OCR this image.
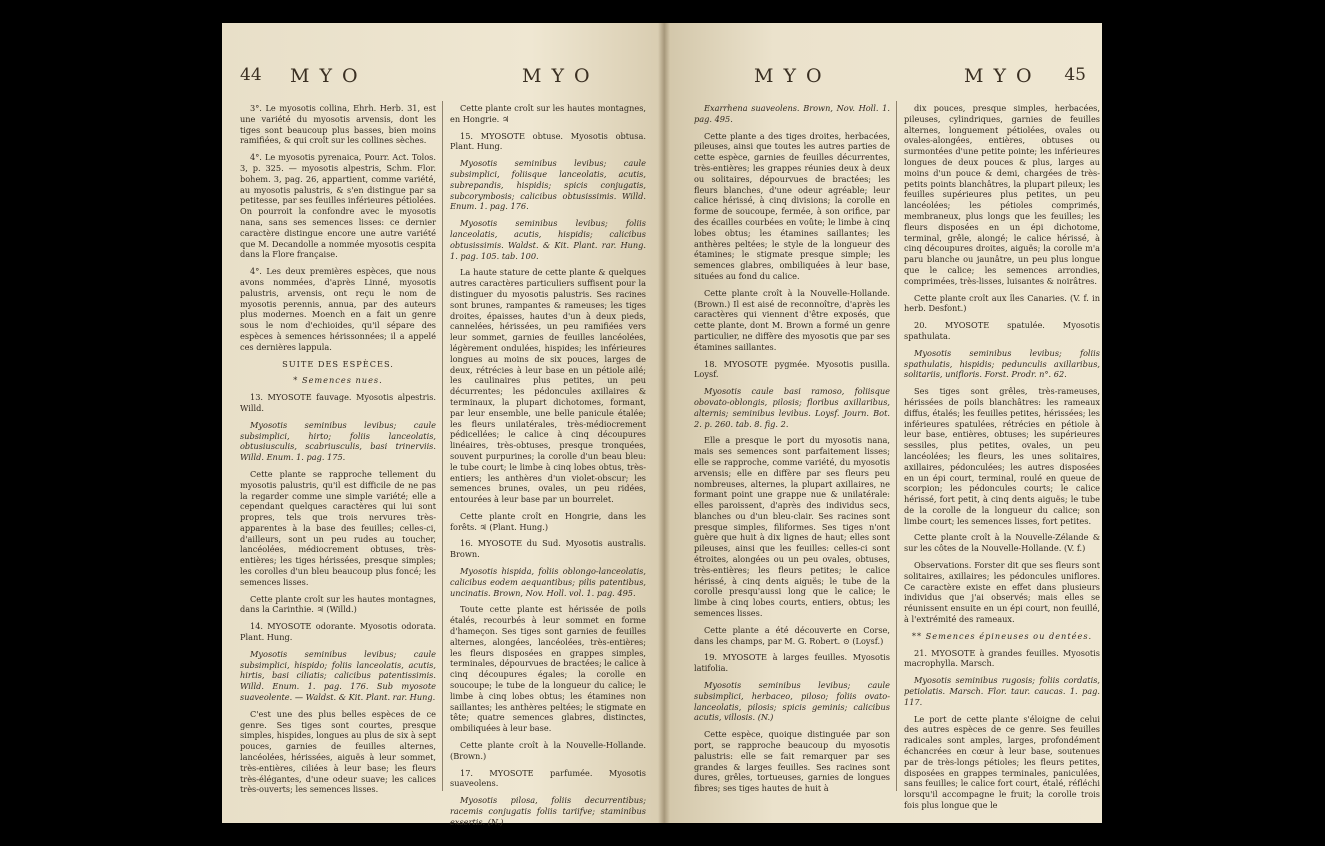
44 MYO	MYO

3°. Le myosotis collina, Ehrh. Herb. 31, est une variété du myosotis arvensis, dont les tiges sont beaucoup plus basses, bien moins ramifiées, & qui croît sur les collines sèches.

4°. Le myosotis pyrenaica, Pourr. Act. Tolos. 3, p. 325. — myosotis alpestris, Schm. Flor. bohem. 3, pag. 26, appartient, comme variété, au myosotis palustris, & s'en distingue par sa petitesse, par ses feuilles inférieures pétiolées. On pourroit la confondre avec le myosotis nana, sans ses semences lisses: ce dernier caractère distingue encore une autre variété que M. Decandolle a nommée myosotis cespita dans la Flore française.

4°. Les deux premières espèces, que nous avons nommées, d'après Linné, myosotis palustris, arvensis, ont reçu le nom de myosotis perennis, annua, par des auteurs plus modernes. Moench en a fait un genre sous le nom d'echioides, qu'il sépare des espèces à semences hérissonnées; il a appelé ces dernières lappula.

SUITE DES ESPÈCES.

* Semences nues.

13. MYOSOTE fauvage. Myosotis alpestris. Willd.

Myosotis seminibus levibus; caule subsimplici, hirto; foliis lanceolatis, obtusiusculis, scabriusculis, basi trinerviis. Willd. Enum. 1. pag. 175.

Cette plante se rapproche tellement du myosotis palustris, qu'il est difficile de ne pas la regarder comme une simple variété; elle a cependant quelques caractères qui lui sont propres, tels que trois nervures très-apparentes à la base des feuilles; celles-ci, d'ailleurs, sont un peu rudes au toucher, lancéolées, médiocrement obtuses, très-entières; les tiges hérissées, presque simples; les corolles d'un bleu beaucoup plus foncé; les semences lisses.

Cette plante croît sur les hautes montagnes, dans la Carinthie. ♃ (Willd.)

14. MYOSOTE odorante. Myosotis odorata. Plant. Hung.

Myosotis seminibus levibus; caule subsimplici, hispido; foliis lanceolatis, acutis, hirtis, basi ciliatis; calicibus patentissimis. Willd. Enum. 1. pag. 176. Sub myosote suaveolente. — Waldst. & Kit. Plant. rar. Hung.

C'est une des plus belles espèces de ce genre. Ses tiges sont courtes, presque simples, hispides, longues au plus de six à sept pouces, garnies de feuilles alternes, lancéolées, hérissées, aiguës à leur sommet, très-entières, ciliées à leur base; les fleurs très-élégantes, d'une odeur suave; les calices très-ouverts; les semences lisses.

Cette plante croît sur les hautes montagnes, en Hongrie. ♃

15. MYOSOTE obtuse. Myosotis obtusa. Plant. Hung.

Myosotis seminibus levibus; caule subsimplici, foliisque lanceolatis, acutis, subrepandis, hispidis; spicis conjugatis, subcorymbosis; calicibus obtusissimis. Willd. Enum. 1. pag. 176.

Myosotis seminibus levibus; foliis lanceolatis, acutis, hispidis; calicibus obtusissimis. Waldst. & Kit. Plant. rar. Hung. 1. pag. 105. tab. 100.

La haute stature de cette plante & quelques autres caractères particuliers suffisent pour la distinguer du myosotis palustris. Ses racines sont brunes, rampantes & rameuses; les tiges droites, épaisses, hautes d'un à deux pieds, cannelées, hérissées, un peu ramifiées vers leur sommet, garnies de feuilles lancéolées, légèrement ondulées, hispides; les inférieures longues au moins de six pouces, larges de deux, rétrécies à leur base en un pétiole ailé; les caulinaires plus petites, un peu décurrentes; les pédoncules axillaires & terminaux, la plupart dichotomes, formant, par leur ensemble, une belle panicule étalée; les fleurs unilatérales, très-médiocrement pédicellées; le calice à cinq découpures linéaires, très-obtuses, presque tronquées, souvent purpurines; la corolle d'un beau bleu: le tube court; le limbe à cinq lobes obtus, très-entiers; les anthères d'un violet-obscur; les semences brunes, ovales, un peu ridées, entourées à leur base par un bourrelet.

Cette plante croît en Hongrie, dans les forêts. ♃ (Plant. Hung.)

16. MYOSOTE du Sud. Myosotis australis. Brown.

Myosotis hispida, foliis oblongo-lanceolatis, calicibus eodem aequantibus; pilis patentibus, uncinatis. Brown, Nov. Holl. vol. 1. pag. 495.

Toute cette plante est hérissée de poils étalés, recourbés à leur sommet en forme d'hameçon. Ses tiges sont garnies de feuilles alternes, alongées, lancéolées, très-entières; les fleurs disposées en grappes simples, terminales, dépourvues de bractées; le calice à cinq découpures égales; la corolle en soucoupe; le tube de la longueur du calice; le limbe à cinq lobes obtus; les étamines non saillantes; les anthères peltées; le stigmate en tête; quatre semences glabres, distinctes, ombiliquées à leur base.

Cette plante croît à la Nouvelle-Hollande. (Brown.)

17. MYOSOTE parfumée. Myosotis suaveolens.

Myosotis pilosa, foliis decurrentibus; racemis conjugatis foliis tariifve; staminibus exsertis. (N.)

MYO	MYO 45

Exarrhena suaveolens. Brown, Nov. Holl. 1. pag. 495.

Cette plante a des tiges droites, herbacées, pileuses, ainsi que toutes les autres parties de cette espèce, garnies de feuilles décurrentes, très-entières; les grappes réunies deux à deux ou solitaires, dépourvues de bractées; les fleurs blanches, d'une odeur agréable; leur calice hérissé, à cinq divisions; la corolle en forme de soucoupe, fermée, à son orifice, par des écailles courbées en voûte; le limbe à cinq lobes obtus; les étamines saillantes; les anthères peltées; le style de la longueur des étamines; le stigmate presque simple; les semences glabres, ombiliquées à leur base, situées au fond du calice.

Cette plante croît à la Nouvelle-Hollande. (Brown.) Il est aisé de reconnoître, d'après les caractères qui viennent d'être exposés, que cette plante, dont M. Brown a formé un genre particulier, ne diffère des myosotis que par ses étamines saillantes.

18. MYOSOTE pygmée. Myosotis pusilla. Loysf.

Myosotis caule basi ramoso, foliisque obovato-oblongis, pilosis; floribus axillaribus, alternis; seminibus levibus. Loysf. Journ. Bot. 2. p. 260. tab. 8. fig. 2.

Elle a presque le port du myosotis nana, mais ses semences sont parfaitement lisses; elle se rapproche, comme variété, du myosotis arvensis; elle en diffère par ses fleurs peu nombreuses, alternes, la plupart axillaires, ne formant point une grappe nue & unilatérale: elles paroissent, d'après des individus secs, blanches ou d'un bleu-clair. Ses racines sont presque simples, filiformes. Ses tiges n'ont guère que huit à dix lignes de haut; elles sont pileuses, ainsi que les feuilles: celles-ci sont étroites, alongées ou un peu ovales, obtuses, très-entières; les fleurs petites; le calice hérissé, à cinq dents aiguës; le tube de la corolle presqu'aussi long que le calice; le limbe à cinq lobes courts, entiers, obtus; les semences lisses.

Cette plante a été découverte en Corse, dans les champs, par M. G. Robert. ⊙ (Loysf.)

19. MYOSOTE à larges feuilles. Myosotis latifolia.

Myosotis seminibus levibus; caule subsimplici, herbaceo, piloso; foliis ovato-lanceolatis, pilosis; spicis geminis; calicibus acutis, villosis. (N.)

Cette espèce, quoique distinguée par son port, se rapproche beaucoup du myosotis palustris: elle se fait remarquer par ses grandes & larges feuilles. Ses racines sont dures, grêles, tortueuses, garnies de longues fibres; ses tiges hautes de huit à

dix pouces, presque simples, herbacées, pileuses, cylindriques, garnies de feuilles alternes, longuement pétiolées, ovales ou ovales-alongées, entières, obtuses ou surmontées d'une petite pointe; les inférieures longues de deux pouces & plus, larges au moins d'un pouce & demi, chargées de très-petits points blanchâtres, la plupart pileux; les feuilles supérieures plus petites, un peu lancéolées; les pétioles comprimés, membraneux, plus longs que les feuilles; les fleurs disposées en un épi dichotome, terminal, grêle, alongé; le calice hérissé, à cinq découpures droites, aiguës; la corolle m'a paru blanche ou jaunâtre, un peu plus longue que le calice; les semences arrondies, comprimées, très-lisses, luisantes & noirâtres.

Cette plante croît aux îles Canaries. (V. f. in herb. Desfont.)

20. MYOSOTE spatulée. Myosotis spathulata.

Myosotis seminibus levibus; foliis spathulatis, hispidis; pedunculis axillaribus, solitariis, unifloris. Forst. Prodr. n°. 62.

Ses tiges sont grêles, très-rameuses, hérissées de poils blanchâtres: les rameaux diffus, étalés; les feuilles petites, hérissées; les inférieures spatulées, rétrécies en pétiole à leur base, entières, obtuses; les supérieures sessiles, plus petites, ovales, un peu lancéolées; les fleurs, les unes solitaires, axillaires, pédonculées; les autres disposées en un épi court, terminal, roulé en queue de scorpion; les pédoncules courts; le calice hérissé, fort petit, à cinq dents aiguës; le tube de la corolle de la longueur du calice; son limbe court; les semences lisses, fort petites.

Cette plante croît à la Nouvelle-Zélande & sur les côtes de la Nouvelle-Hollande. (V. f.)

Observations. Forster dit que ses fleurs sont solitaires, axillaires; les pédoncules uniflores. Ce caractère existe en effet dans plusieurs individus que j'ai observés; mais elles se réunissent ensuite en un épi court, non feuillé, à l'extrémité des rameaux.

** Semences épineuses ou dentées.

21. MYOSOTE à grandes feuilles. Myosotis macrophylla. Marsch.

Myosotis seminibus rugosis; foliis cordatis, petiolatis. Marsch. Flor. taur. caucas. 1. pag. 117.

Le port de cette plante s'éloigne de celui des autres espèces de ce genre. Ses feuilles radicales sont amples, larges, profondément échancrées en cœur à leur base, soutenues par de très-longs pétioles; les fleurs petites, disposées en grappes terminales, paniculées, sans feuilles; le calice fort court, étalé, réfléchi lorsqu'il accompagne le fruit; la corolle trois fois plus longue que le
